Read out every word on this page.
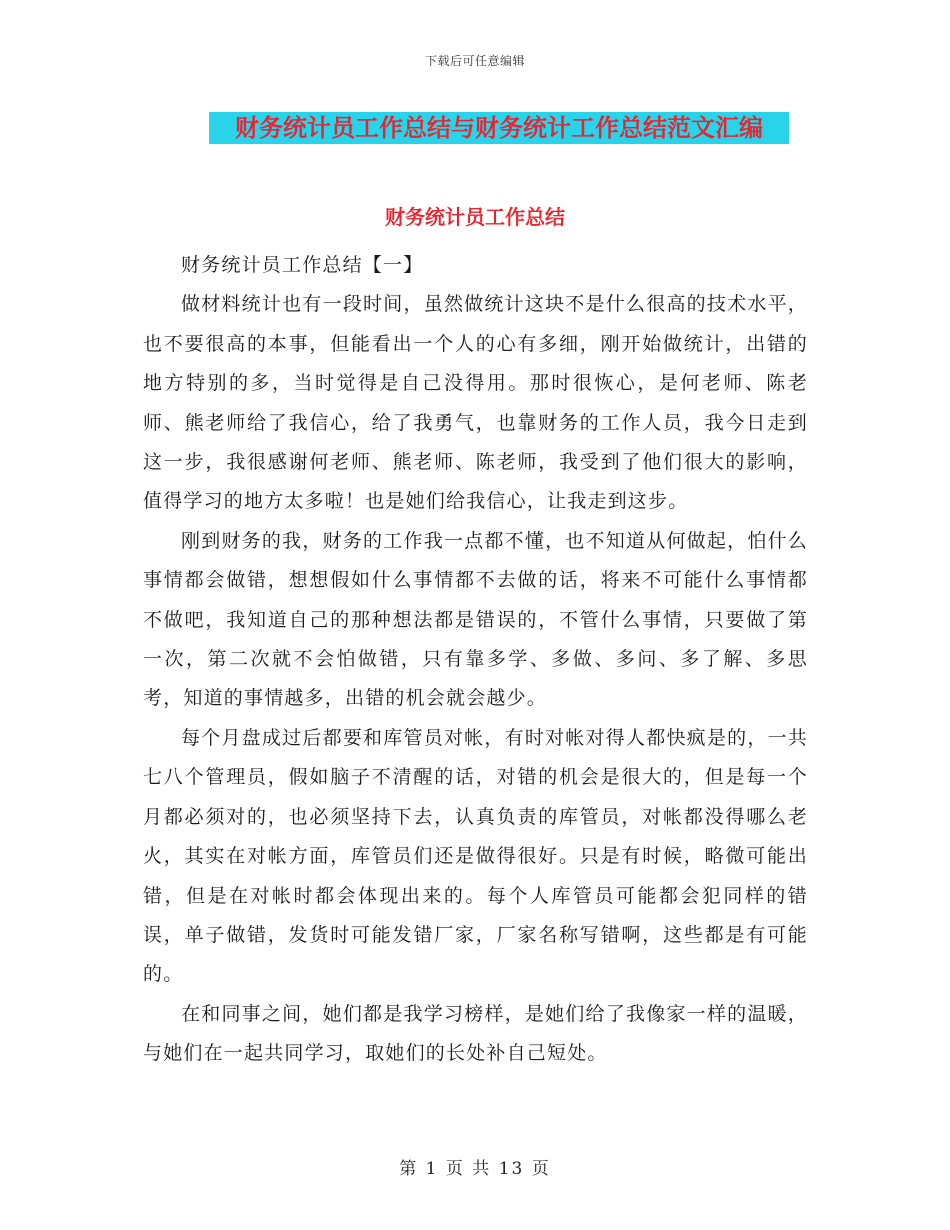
下载后可任意编辑
财务统计员工作总结与财务统计工作总结范文汇编
财务统计员工作总结

财务统计员工作总结【一】

做材料统计也有一段时间，虽然做统计这块不是什么很高的技术水平，也不要很高的本事，但能看出一个人的心有多细，刚开始做统计，出错的地方特别的多，当时觉得是自己没得用。那时很恢心，是何老师、陈老师、熊老师给了我信心，给了我勇气，也靠财务的工作人员，我今日走到这一步，我很感谢何老师、熊老师、陈老师，我受到了他们很大的影响，值得学习的地方太多啦！也是她们给我信心，让我走到这步。

刚到财务的我，财务的工作我一点都不懂，也不知道从何做起，怕什么事情都会做错，想想假如什么事情都不去做的话，将来不可能什么事情都不做吧，我知道自己的那种想法都是错误的，不管什么事情，只要做了第一次，第二次就不会怕做错，只有靠多学、多做、多问、多了解、多思考，知道的事情越多，出错的机会就会越少。

每个月盘成过后都要和库管员对帐，有时对帐对得人都快疯是的，一共七八个管理员，假如脑子不清醒的话，对错的机会是很大的，但是每一个月都必须对的，也必须坚持下去，认真负责的库管员，对帐都没得哪么老火，其实在对帐方面，库管员们还是做得很好。只是有时候，略微可能出错，但是在对帐时都会体现出来的。每个人库管员可能都会犯同样的错误，单子做错，发货时可能发错厂家，厂家名称写错啊，这些都是有可能的。

在和同事之间，她们都是我学习榜样，是她们给了我像家一样的温暖，与她们在一起共同学习，取她们的长处补自己短处。

第 1 页 共 13 页
